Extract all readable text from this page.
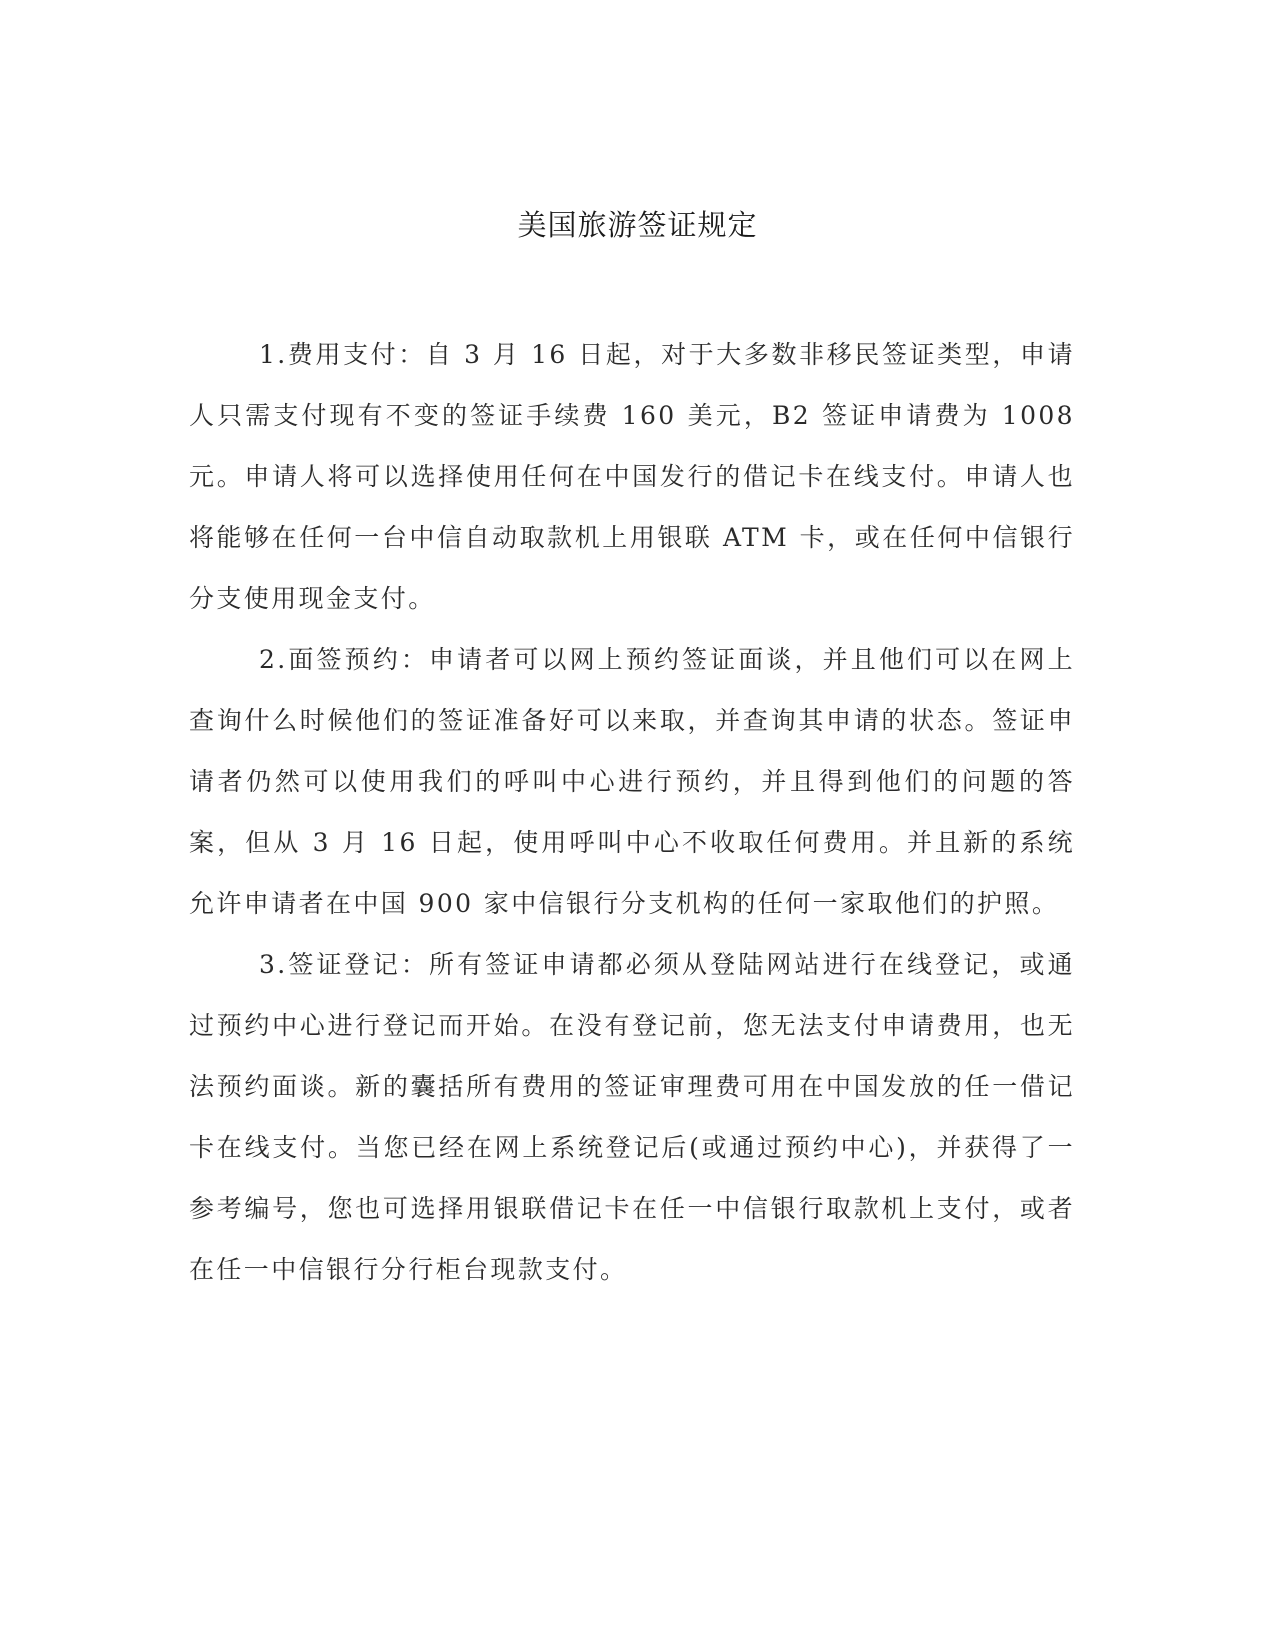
美国旅游签证规定

1.费用支付：自 3 月 16 日起，对于大多数非移民签证类型，申请人只需支付现有不变的签证手续费 160 美元，B2 签证申请费为 1008 元。申请人将可以选择使用任何在中国发行的借记卡在线支付。申请人也将能够在任何一台中信自动取款机上用银联 ATM 卡，或在任何中信银行分支使用现金支付。

2.面签预约：申请者可以网上预约签证面谈，并且他们可以在网上查询什么时候他们的签证准备好可以来取，并查询其申请的状态。签证申请者仍然可以使用我们的呼叫中心进行预约，并且得到他们的问题的答案，但从 3 月 16 日起，使用呼叫中心不收取任何费用。并且新的系统允许申请者在中国 900 家中信银行分支机构的任何一家取他们的护照。

3.签证登记：所有签证申请都必须从登陆网站进行在线登记，或通过预约中心进行登记而开始。在没有登记前，您无法支付申请费用，也无法预约面谈。新的囊括所有费用的签证审理费可用在中国发放的任一借记卡在线支付。当您已经在网上系统登记后(或通过预约中心)，并获得了一参考编号，您也可选择用银联借记卡在任一中信银行取款机上支付，或者在任一中信银行分行柜台现款支付。
